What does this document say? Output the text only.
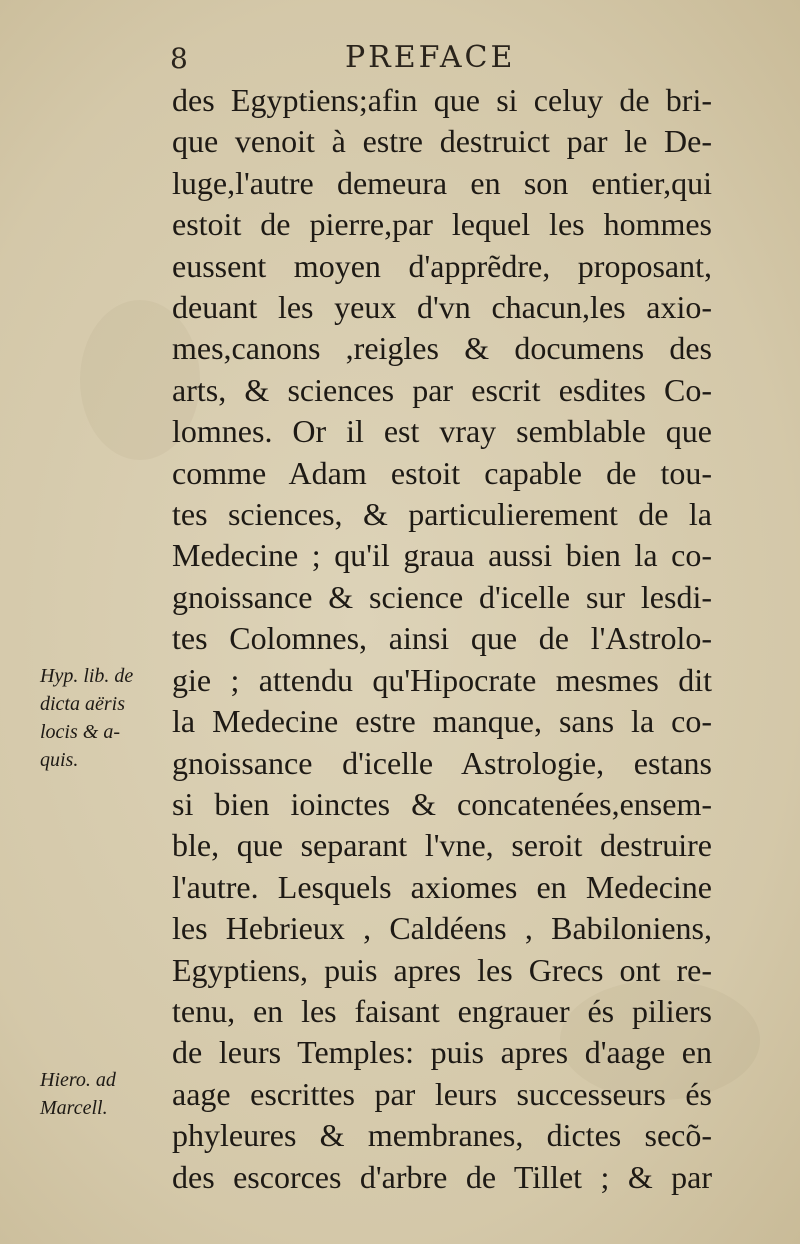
8	PREFACE
des Egyptiens;afin que si celuy de bri-
que venoit à estre destruict par le De-
luge,l'autre demeura en son entier,qui
estoit de pierre,par lequel les hommes
eussent moyen d'apprẽdre, proposant,
deuant les yeux d'vn chacun,les axio-
mes,canons ,reigles & documens des
arts, & sciences par escrit esdites Co-
lomnes. Or il est vray semblable que
comme Adam estoit capable de tou-
tes sciences, & particulierement de la
Medecine ; qu'il graua aussi bien la co-
gnoissance & science d'icelle sur lesdi-
tes Colomnes, ainsi que de l'Astrolo-
gie ; attendu qu'Hipocrate mesmes dit
la Medecine estre manque, sans la co-
gnoissance d'icelle Astrologie, estans
si bien ioinctes & concatenées,ensem-
ble, que separant l'vne, seroit destruire
l'autre. Lesquels axiomes en Medecine
les Hebrieux , Caldéens , Babiloniens,
Egyptiens, puis apres les Grecs ont re-
tenu, en les faisant engrauer és piliers
de leurs Temples: puis apres d'aage en
aage escrittes par leurs successeurs és
phyleures & membranes, dictes secõ-
des escorces d'arbre de Tillet ; & par
Hyp. lib. de
dicta aëris
locis & a-
quis.
Hiero. ad
Marcell.
